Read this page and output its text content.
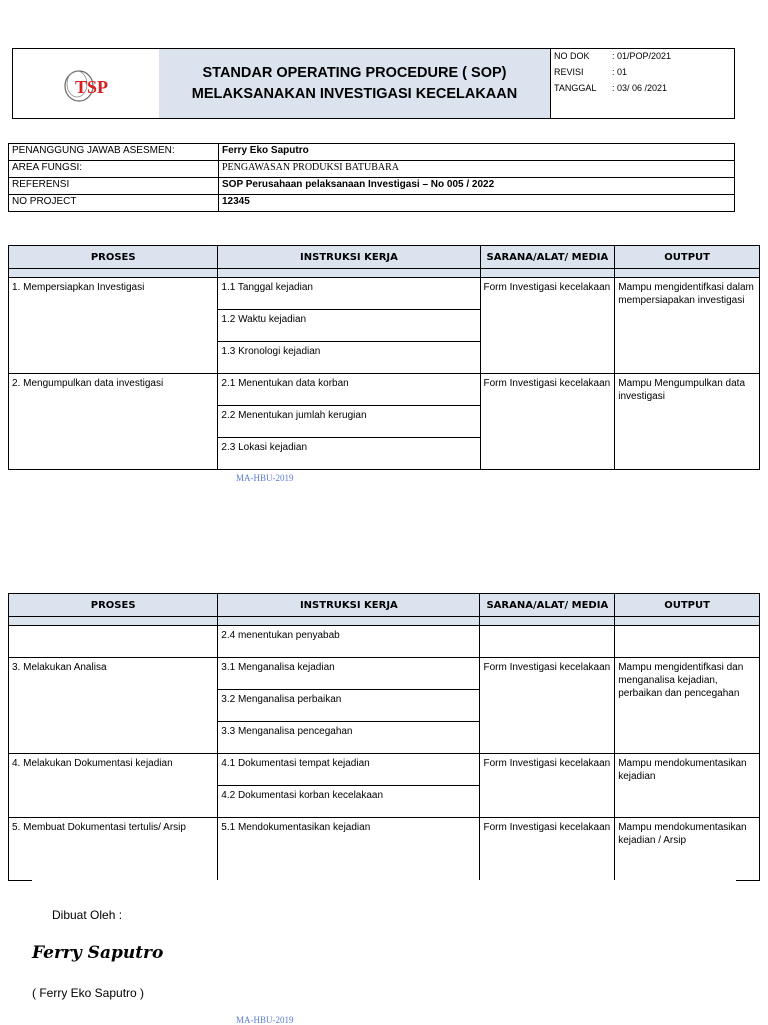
TSP
STANDAR OPERATING PROCEDURE ( SOP)
MELAKSANAKAN INVESTIGASI KECELAKAAN
NO DOK : 01/POP/2021
REVISI	: 01
TANGGAL : 03/ 06 /2021
PENANGGUNG JAWAB ASESMEN:	Ferry Eko Saputro
AREA FUNGSI:	PENGAWASAN PRODUKSI BATUBARA
REFERENSI	SOP Perusahaan pelaksanaan Investigasi – No 005 / 2022
NO PROJECT	12345
PROSES	INSTRUKSI KERJA	SARANA/ALAT/ MEDIA	OUTPUT

1. Mempersiapkan Investigasi	1.1 Tanggal kejadian	Form Investigasi kecelakaan	Mampu mengidentifkasi dalam mempersiapakan investigasi
	1.2 Waktu kejadian		
	1.3 Kronologi kejadian		
2. Mengumpulkan data investigasi	2.1 Menentukan data korban	Form Investigasi kecelakaan	Mampu Mengumpulkan data investigasi
	2.2 Menentukan jumlah kerugian		
	2.3 Lokasi kejadian		
MA-HBU-2019
PROSES	INSTRUKSI KERJA	SARANA/ALAT/ MEDIA	OUTPUT

	2.4 menentukan penyabab		
3. Melakukan Analisa	3.1 Menganalisa kejadian	Form Investigasi kecelakaan	Mampu mengidentifkasi dan menganalisa kejadian, perbaikan dan pencegahan
	3.2 Menganalisa perbaikan		
	3.3 Menganalisa pencegahan		
4. Melakukan Dokumentasi kejadian	4.1 Dokumentasi tempat kejadian	Form Investigasi kecelakaan	Mampu mendokumentasikan kejadian
	4.2 Dokumentasi korban kecelakaan		
5. Membuat Dokumentasi tertulis/ Arsip	5.1 Mendokumentasikan kejadian	Form Investigasi kecelakaan	Mampu mendokumentasikan kejadian / Arsip
Dibuat Oleh :
Ferry Saputro
( Ferry Eko Saputro )
MA-HBU-2019
